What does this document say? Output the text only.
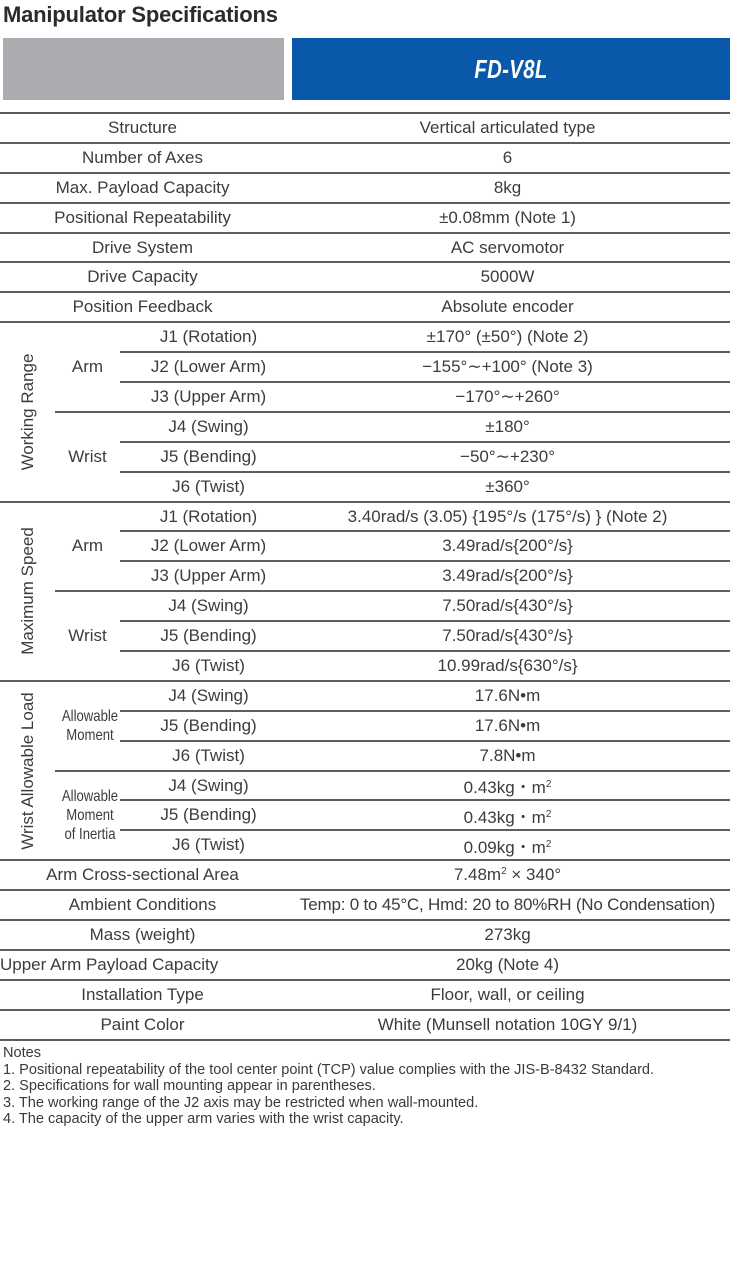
Manipulator Specifications
FD-V8L
Structure			Vertical articulated type
Number of Axes			6
Max. Payload Capacity			8kg
Positional Repeatability			±0.08mm (Note 1)
Drive System			AC servomotor
Drive Capacity			5000W
Position Feedback			Absolute encoder

Working Range	Arm	J1 (Rotation)	±170° (±50°) (Note 2)
		J2 (Lower Arm)	−155°∼+100° (Note 3)
		J3 (Upper Arm)	−170°∼+260°
	Wrist	J4 (Swing)	±180°
		J5 (Bending)	−50°∼+230°
		J6 (Twist)	±360°

Maximum Speed	Arm	J1 (Rotation)	3.40rad/s (3.05) {195°/s (175°/s) } (Note 2)
		J2 (Lower Arm)	3.49rad/s{200°/s}
		J3 (Upper Arm)	3.49rad/s{200°/s}
	Wrist	J4 (Swing)	7.50rad/s{430°/s}
		J5 (Bending)	7.50rad/s{430°/s}
		J6 (Twist)	10.99rad/s{630°/s}

Wrist Allowable Load	Allowable Moment	J4 (Swing)	17.6N•m
		J5 (Bending)	17.6N•m
		J6 (Twist)	7.8N•m
	Allowable Moment of Inertia	J4 (Swing)	0.43kg・$m^2$
		J5 (Bending)	0.43kg・$m^2$
		J6 (Twist)	0.09kg・$m^2$
Arm Cross-sectional Area			$7.48m^2 \times 340^\circ$
Ambient Conditions			Temp: 0 to 45°C, Hmd: 20 to 80%RH (No Condensation)
Mass (weight)			273kg
Upper Arm Payload Capacity			20kg (Note 4)
Installation Type			Floor, wall, or ceiling
Paint Color			White (Munsell notation 10GY 9/1)
Notes
1. Positional repeatability of the tool center point (TCP) value complies with the JIS-B-8432 Standard.
2. Specifications for wall mounting appear in parentheses.
3. The working range of the J2 axis may be restricted when wall-mounted.
4. The capacity of the upper arm varies with the wrist capacity.
